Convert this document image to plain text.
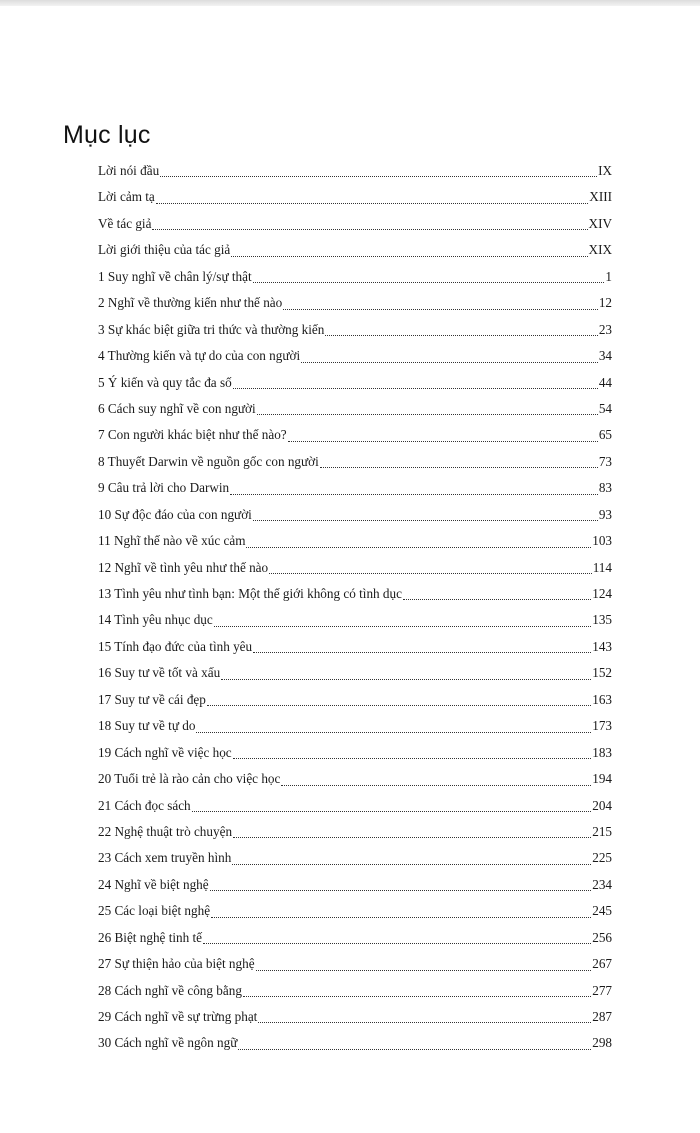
Mục lục
Lời nói đầu	IX
Lời cảm tạ	XIII
Về tác giả	XIV
Lời giới thiệu của tác giả	XIX
1 Suy nghĩ về chân lý/sự thật	1
2 Nghĩ về thường kiến như thế nào	12
3 Sự khác biệt giữa tri thức và thường kiến	23
4 Thường kiến và tự do của con người	34
5 Ý kiến và quy tắc đa số	44
6 Cách suy nghĩ về con người	54
7 Con người khác biệt như thế nào?	65
8 Thuyết Darwin về nguồn gốc con người	73
9 Câu trả lời cho Darwin	83
10 Sự độc đáo của con người	93
11 Nghĩ thế nào về xúc cảm	103
12 Nghĩ về tình yêu như thế nào	114
13 Tình yêu như tình bạn: Một thế giới không có tình dục	124
14 Tình yêu nhục dục	135
15 Tính đạo đức của tình yêu	143
16 Suy tư về tốt và xấu	152
17 Suy tư về cái đẹp	163
18 Suy tư về tự do	173
19 Cách nghĩ về việc học	183
20 Tuổi trẻ là rào cản cho việc học	194
21 Cách đọc sách	204
22 Nghệ thuật trò chuyện	215
23 Cách xem truyền hình	225
24 Nghĩ về biệt nghệ	234
25 Các loại biệt nghệ	245
26 Biệt nghệ tinh tế	256
27 Sự thiện hảo của biệt nghệ	267
28 Cách nghĩ về công bằng	277
29 Cách nghĩ về sự trừng phạt	287
30 Cách nghĩ về ngôn ngữ	298
